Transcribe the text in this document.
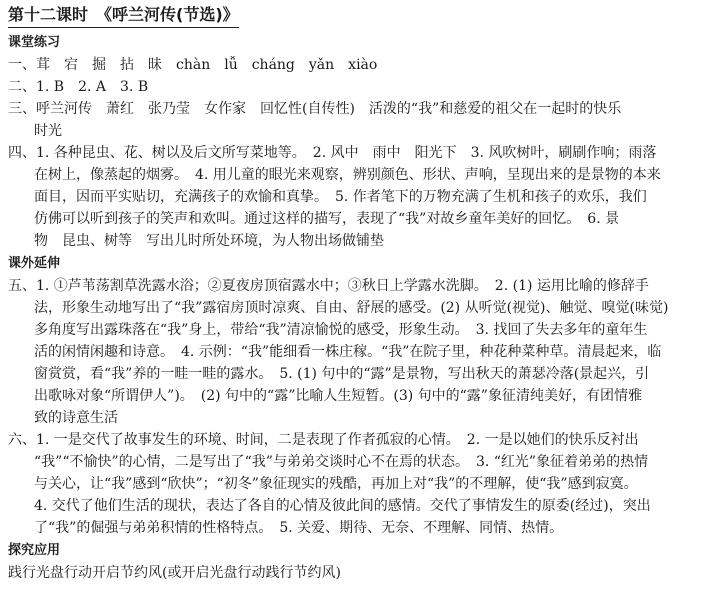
第十二课时　《呼兰河传(节选)》
课堂练习
一、茸　宕　掘　拈　昧　chàn　lǚ　cháng　yǎn　xiào
二、1. B　2. A　3. B
三、呼兰河传　萧红　张乃莹　女作家　回忆性(自传性)　活泼的“我”和慈爱的祖父在一起时的快乐
时光
四、1. 各种昆虫、花、树以及后文所写菜地等。　2. 风中　雨中　阳光下　3. 风吹树叶，刷刷作响；雨落
在树上，像蒸起的烟雾。　4. 用儿童的眼光来观察，辨别颜色、形状、声响，呈现出来的是景物的本来
面目，因而平实贴切，充满孩子的欢愉和真挚。　5. 作者笔下的万物充满了生机和孩子的欢乐，我们
仿佛可以听到孩子的笑声和欢叫。通过这样的描写，表现了“我”对故乡童年美好的回忆。　6. 景
物　昆虫、树等　写出儿时所处环境，为人物出场做铺垫
课外延伸
五、1. ①芦苇荡割草洗露水浴；②夏夜房顶宿露水中；③秋日上学露水洗脚。　2. (1) 运用比喻的修辞手
法，形象生动地写出了“我”露宿房顶时凉爽、自由、舒展的感受。(2) 从听觉(视觉)、触觉、嗅觉(味觉)
多角度写出露珠落在“我”身上，带给“我”清凉愉悦的感受，形象生动。　3. 找回了失去多年的童年生
活的闲情闲趣和诗意。　4. 示例：“我”能细看一株庄稼。“我”在院子里，种花种菜种草。清晨起来，临
窗赏赏，看“我”养的一畦一畦的露水。　5. (1) 句中的“露”是景物，写出秋天的萧瑟冷落(景起兴，引
出歌咏对象“所谓伊人”)。　(2) 句中的“露”比喻人生短暂。(3) 句中的“露”象征清纯美好，有团情雅
致的诗意生活
六、1. 一是交代了故事发生的环境、时间，二是表现了作者孤寂的心情。　2. 一是以她们的快乐反衬出
“我”“不愉快”的心情，二是写出了“我”与弟弟交谈时心不在焉的状态。　3. “红光”象征着弟弟的热情
与关心，让“我”感到“欣快”；“初冬”象征现实的残酷，再加上对“我”的不理解，使“我”感到寂寞。
4. 交代了他们生活的现状，表达了各自的心情及彼此间的感情。交代了事情发生的原委(经过)，突出
了“我”的倔强与弟弟积情的性格特点。　5. 关爱、期待、无奈、不理解、同情、热情。
探究应用
践行光盘行动开启节约风(或开启光盘行动践行节约风)
